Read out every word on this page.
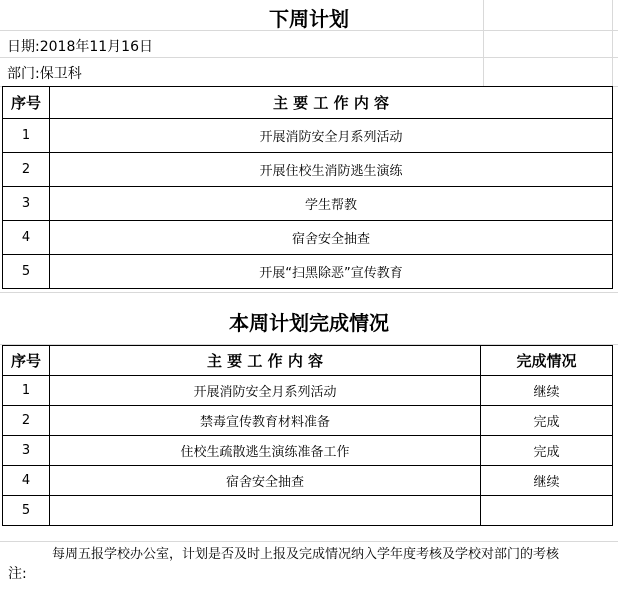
下周计划
日期:2018年11月16日
部门:保卫科
序号	主 要 工 作 内 容
1	开展消防安全月系列活动
2	开展住校生消防逃生演练
3	学生帮教
4	宿舍安全抽查
5	开展“扫黑除恶”宣传教育
本周计划完成情况
序号	主 要 工 作 内 容	完成情况
1	开展消防安全月系列活动	继续
2	禁毒宣传教育材料准备	完成
3	住校生疏散逃生演练准备工作	完成
4	宿舍安全抽查	继续
5		
注:
每周五报学校办公室，计划是否及时上报及完成情况纳入学年度考核及学校对部门的考核
